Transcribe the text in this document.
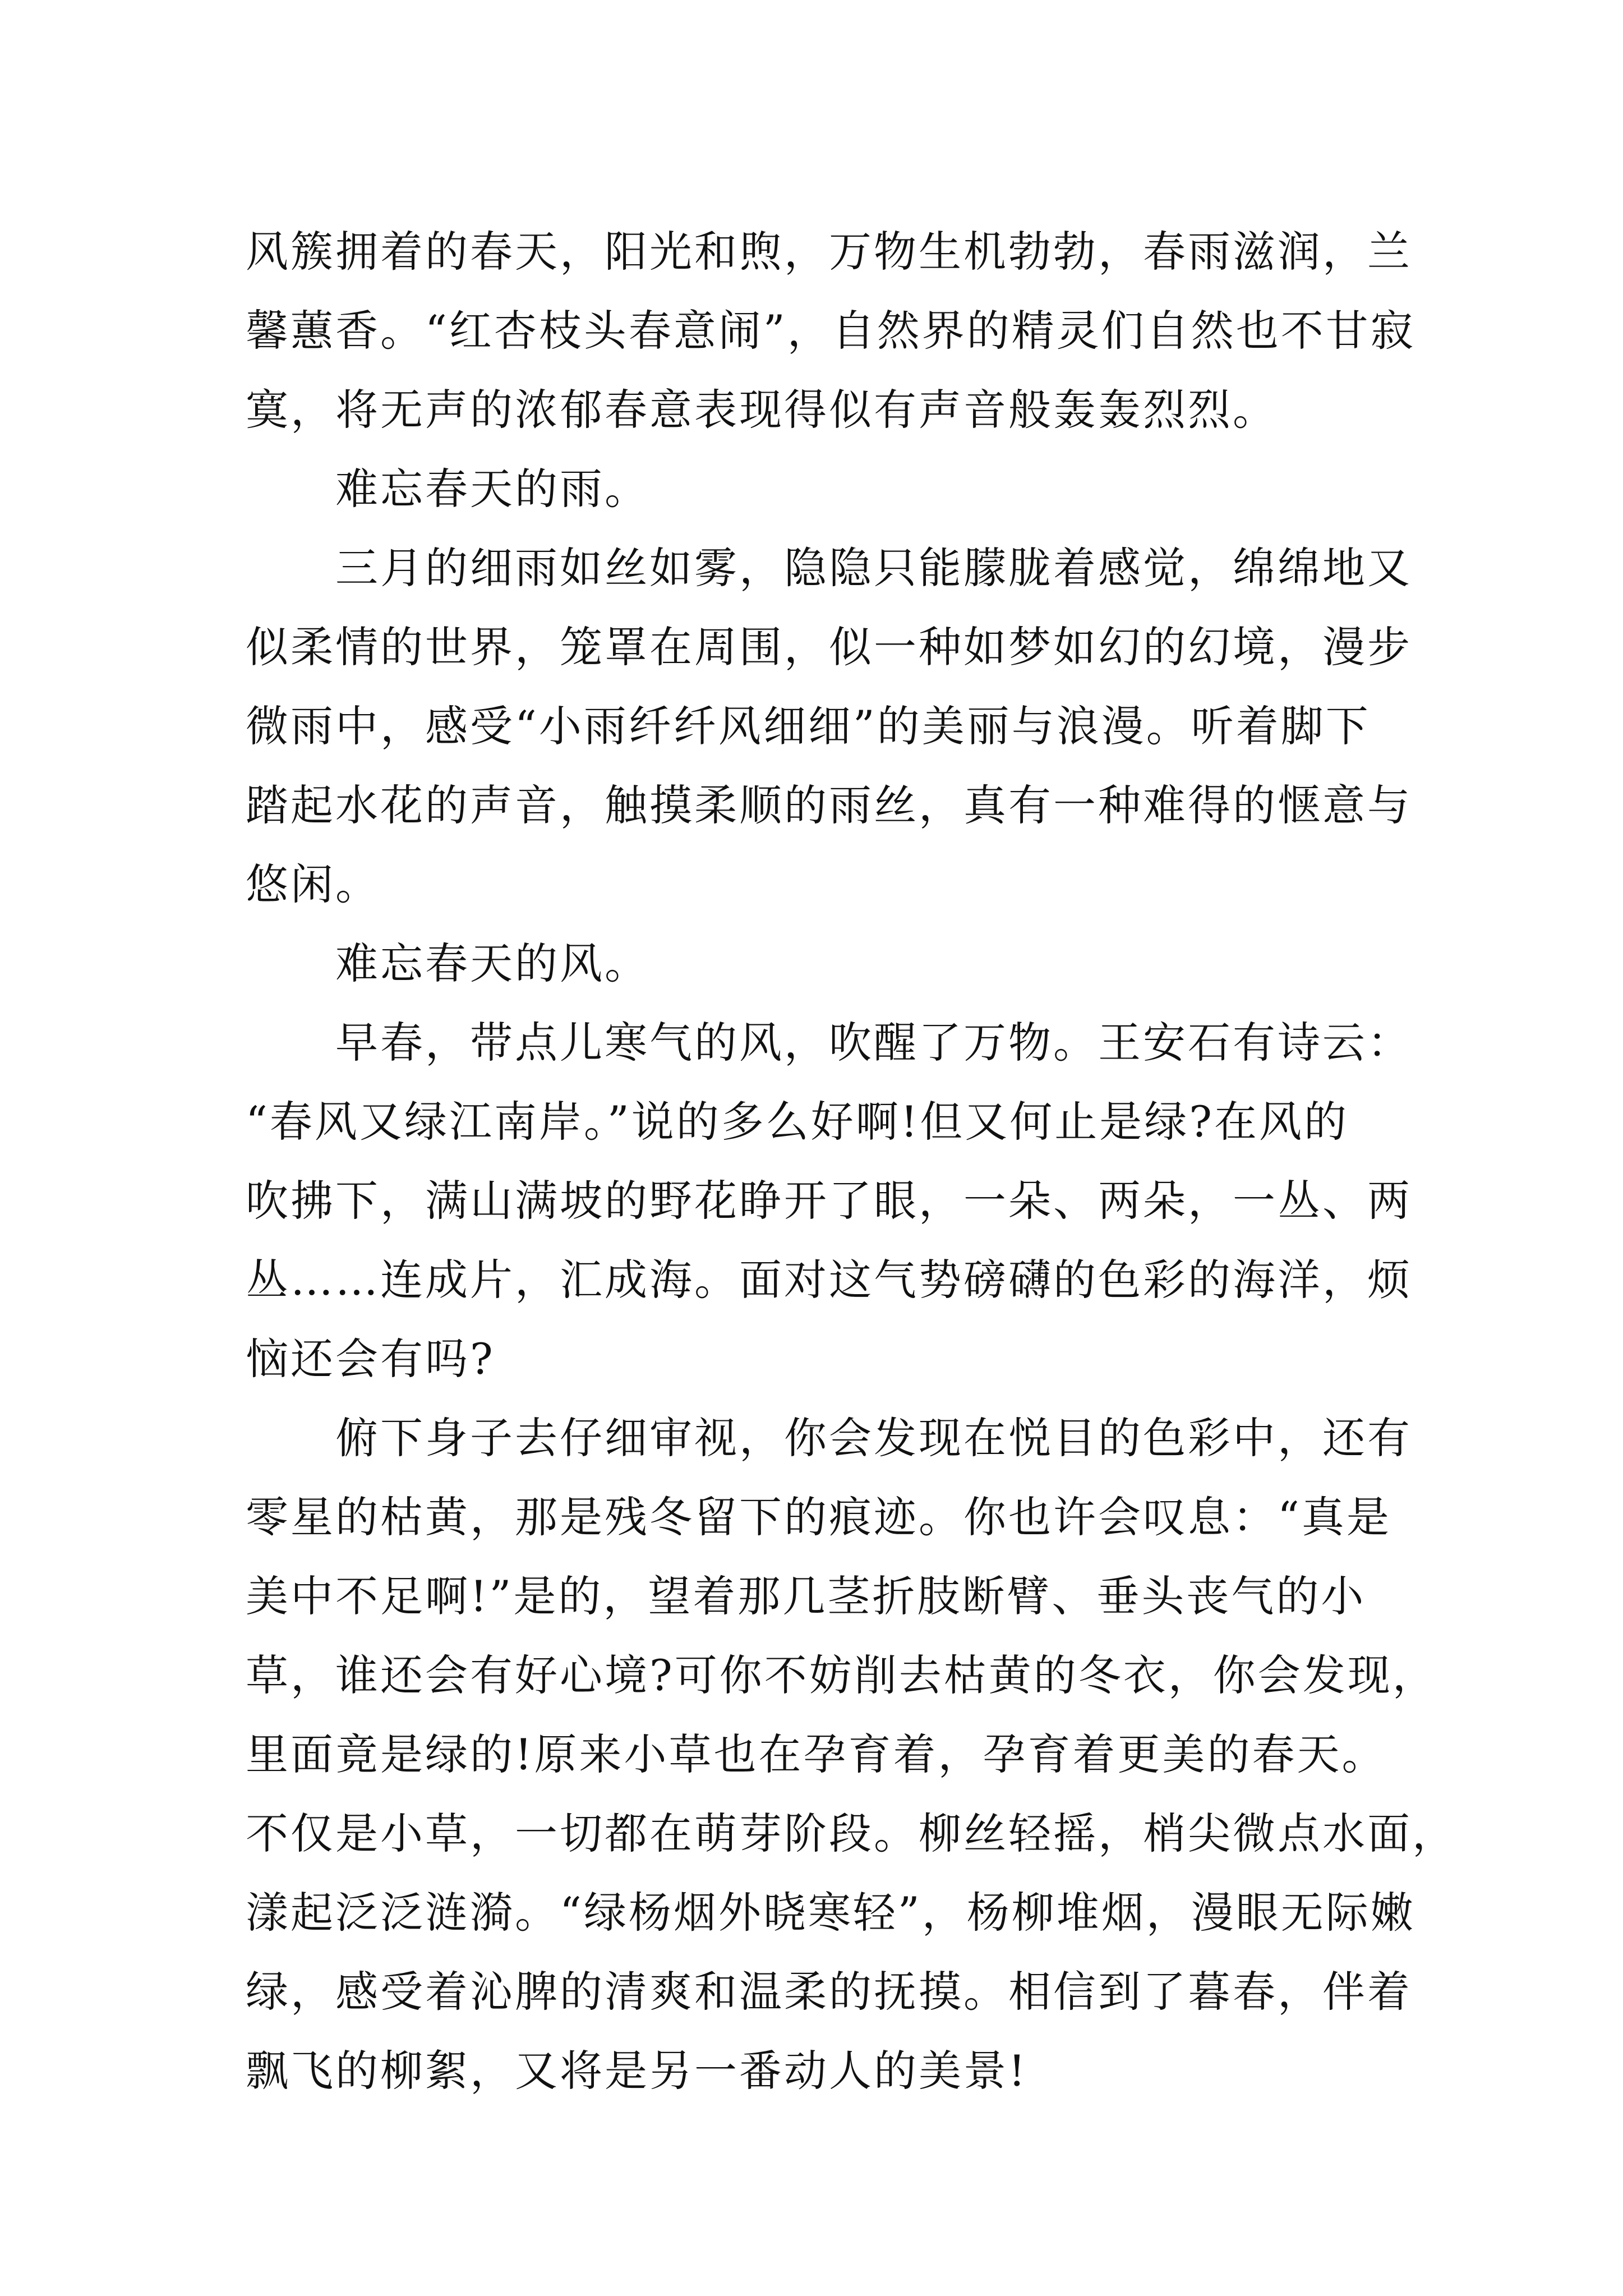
风簇拥着的春天，阳光和煦，万物生机勃勃，春雨滋润，兰
馨蕙香。“红杏枝头春意闹”，自然界的精灵们自然也不甘寂
寞，将无声的浓郁春意表现得似有声音般轰轰烈烈。
难忘春天的雨。
三月的细雨如丝如雾，隐隐只能朦胧着感觉，绵绵地又
似柔情的世界，笼罩在周围，似一种如梦如幻的幻境，漫步
微雨中，感受“小雨纤纤风细细”的美丽与浪漫。听着脚下
踏起水花的声音，触摸柔顺的雨丝，真有一种难得的惬意与
悠闲。
难忘春天的风。
早春，带点儿寒气的风，吹醒了万物。王安石有诗云：
“春风又绿江南岸。”说的多么好啊!但又何止是绿?在风的
吹拂下，满山满坡的野花睁开了眼，一朵、两朵，一丛、两
丛……连成片，汇成海。面对这气势磅礴的色彩的海洋，烦
恼还会有吗?
俯下身子去仔细审视，你会发现在悦目的色彩中，还有
零星的枯黄，那是残冬留下的痕迹。你也许会叹息：“真是
美中不足啊!”是的，望着那几茎折肢断臂、垂头丧气的小
草，谁还会有好心境?可你不妨削去枯黄的冬衣，你会发现，
里面竟是绿的!原来小草也在孕育着，孕育着更美的春天。
不仅是小草，一切都在萌芽阶段。柳丝轻摇，梢尖微点水面，
漾起泛泛涟漪。“绿杨烟外晓寒轻”，杨柳堆烟，漫眼无际嫩
绿，感受着沁脾的清爽和温柔的抚摸。相信到了暮春，伴着
飘飞的柳絮，又将是另一番动人的美景!
